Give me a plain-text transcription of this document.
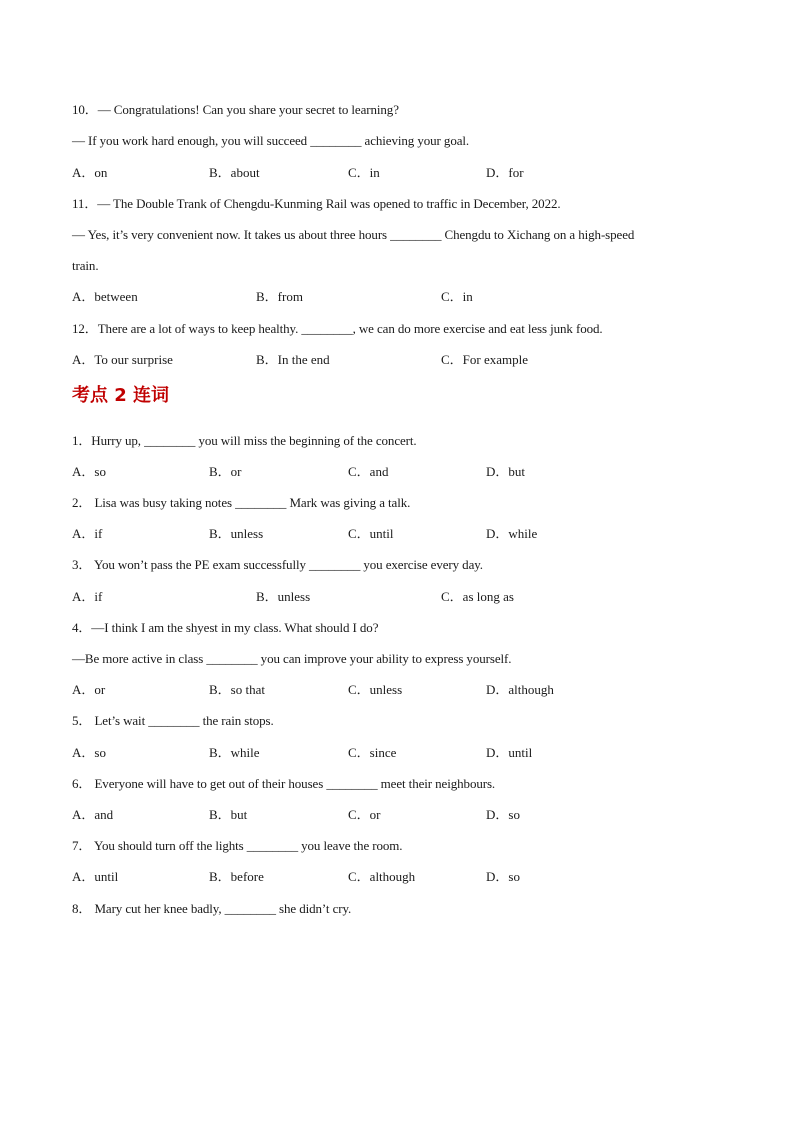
10．— Congratulations! Can you share your secret to learning?
— If you work hard enough, you will succeed ________ achieving your goal.
A．on	B．about	C．in	D．for
11．— The Double Trank of Chengdu-Kunming Rail was opened to traffic in December, 2022.
— Yes, it’s very convenient now. It takes us about three hours ________ Chengdu to Xichang on a high-speed
train.
A．between	B．from	C．in
12．There are a lot of ways to keep healthy. ________, we can do more exercise and eat less junk food.
A．To our surprise	B．In the end	C．For example
考点 2 连词
1．Hurry up, ________ you will miss the beginning of the concert.
A．so	B．or	C．and	D．but
2． Lisa was busy taking notes ________ Mark was giving a talk.
A．if	B．unless	C．until	D．while
3． You won’t pass the PE exam successfully ________ you exercise every day.
A．if	B．unless	C．as long as
4．—I think I am the shyest in my class. What should I do?
—Be more active in class ________ you can improve your ability to express yourself.
A．or	B．so that	C．unless	D．although
5． Let’s wait ________ the rain stops.
A．so	B．while	C．since	D．until
6． Everyone will have to get out of their houses ________ meet their neighbours.
A．and	B．but	C．or	D．so
7． You should turn off the lights ________ you leave the room.
A．until	B．before	C．although	D．so
8． Mary cut her knee badly, ________ she didn’t cry.
